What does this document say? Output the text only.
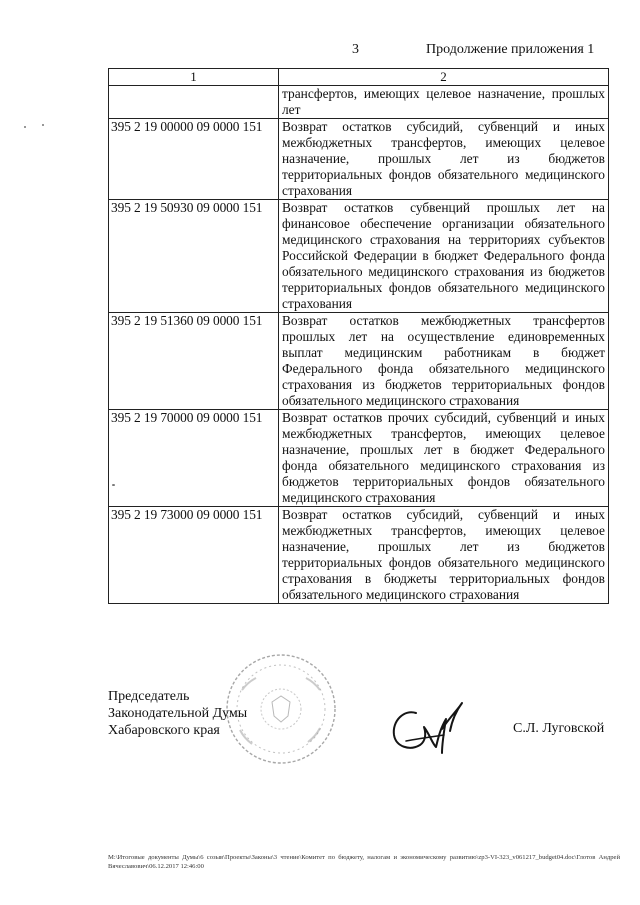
3	Продолжение приложения 1
1	2
	трансфертов, имеющих целевое назначение, прошлых лет
395 2 19 00000 09 0000 151	Возврат остатков субсидий, субвенций и иных межбюджетных трансфертов, имеющих целевое назначение, прошлых лет из бюджетов территориальных фондов обязательного медицинского страхования
395 2 19 50930 09 0000 151	Возврат остатков субвенций прошлых лет на финансовое обеспечение организации обязательного медицинского страхования на территориях субъектов Российской Федерации в бюджет Федерального фонда обязательного медицинского страхования из бюджетов территориальных фондов обязательного медицинского страхования
395 2 19 51360 09 0000 151	Возврат остатков межбюджетных трансфертов прошлых лет на осуществление единовременных выплат медицинским работникам в бюджет Федерального фонда обязательного медицинского страхования из бюджетов территориальных фондов обязательного медицинского страхования
395 2 19 70000 09 0000 151	Возврат остатков прочих субсидий, субвенций и иных межбюджетных трансфертов, имеющих целевое назначение, прошлых лет в бюджет Федерального фонда обязательного медицинского страхования из бюджетов территориальных фондов обязательного медицинского страхования
395 2 19 73000 09 0000 151	Возврат остатков субсидий, субвенций и иных межбюджетных трансфертов, имеющих целевое назначение, прошлых лет из бюджетов территориальных фондов обязательного медицинского страхования в бюджеты территориальных фондов обязательного медицинского страхования
Председатель
Законодательной Думы
Хабаровского края	С.Л. Луговской
M:\Итоговые документы Думы\6 созыв\Проекты\Законы\3 чтение\Комитет по бюджету, налогам и экономическому развитию\zp3-VI-323_v061217_budget04.doc\Глотов Андрей Вячеславович\06.12.2017 12:46:00
